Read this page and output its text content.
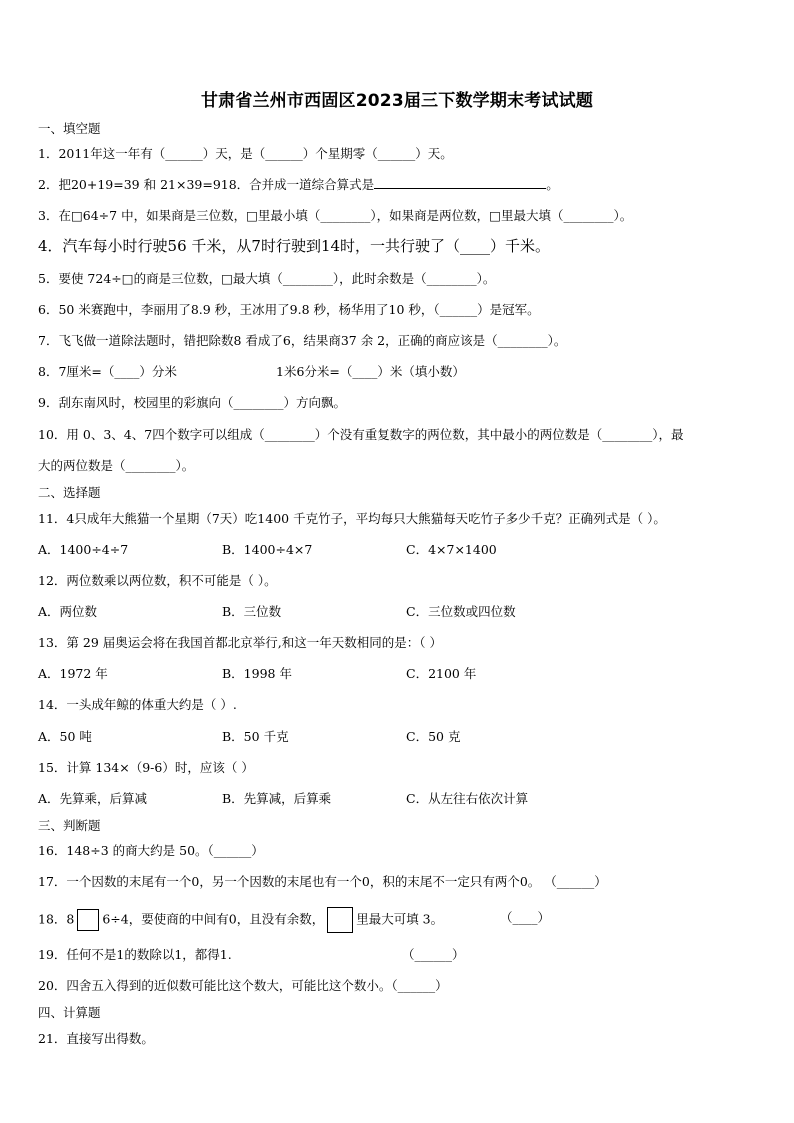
甘肃省兰州市西固区2023届三下数学期末考试试题
一、填空题
1．2011年这一年有（______）天，是（______）个星期零（______）天。
2．把20+19=39 和 21×39=918．合并成一道综合算式是	。
3．在□64÷7 中，如果商是三位数，□里最小填（________），如果商是两位数，□里最大填（________）。
4．汽车每小时行驶56 千米，从7时行驶到14时，一共行驶了（____）千米。
5．要使 724÷□的商是三位数，□最大填（________），此时余数是（________）。
6．50 米赛跑中，李丽用了8.9 秒，王冰用了9.8 秒，杨华用了10 秒，（______）是冠军。
7．飞飞做一道除法题时，错把除数8 看成了6，结果商37 余 2，正确的商应该是（________）。
8．7厘米=（____）分米	1米6分米=（____）米（填小数）
9．刮东南风时，校园里的彩旗向（________）方向飘。
10．用 0、3、4、7四个数字可以组成（________）个没有重复数字的两位数，其中最小的两位数是（________），最
大的两位数是（________）。
二、选择题
11．4只成年大熊猫一个星期（7天）吃1400 千克竹子，平均每只大熊猫每天吃竹子多少千克？正确列式是（ ）。
A．1400÷4÷7	B．1400÷4×7	C．4×7×1400
12．两位数乘以两位数，积不可能是（ ）。
A．两位数	B．三位数	C．三位数或四位数
13．第 29 届奥运会将在我国首都北京举行,和这一年天数相同的是：（ ）
A．1972 年	B．1998 年	C．2100 年
14．一头成年鲸的体重大约是（ ）.
A．50 吨	B．50 千克	C．50 克
15．计算 134×（9-6）时，应该（ ）
A．先算乘，后算减	B．先算减，后算乘	C．从左往右依次计算
三、判断题
16．148÷3 的商大约是 50。（______）
17．一个因数的末尾有一个0，另一个因数的末尾也有一个0，积的末尾不一定只有两个0。 （______）
18．8 6÷4，要使商的中间有0，且没有余数，	里最大可填 3。	（____）
19．任何不是1的数除以1，都得1.	（______）
20．四舍五入得到的近似数可能比这个数大，可能比这个数小。（______）
四、计算题
21．直接写出得数。
